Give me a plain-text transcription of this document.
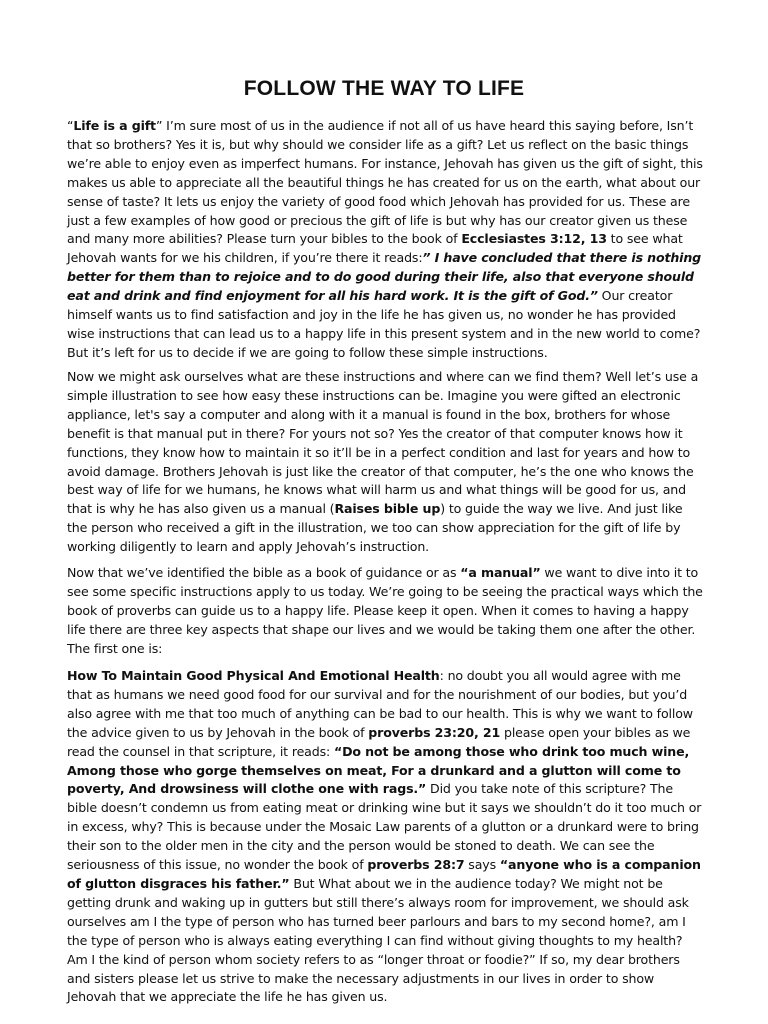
FOLLOW THE WAY TO LIFE

“Life is a gift” I’m sure most of us in the audience if not all of us have heard this saying before, Isn’t that so brothers? Yes it is, but why should we consider life as a gift? Let us reflect on the basic things we’re able to enjoy even as imperfect humans. For instance, Jehovah has given us the gift of sight, this makes us able to appreciate all the beautiful things he has created for us on the earth, what about our sense of taste? It lets us enjoy the variety of good food which Jehovah has provided for us. These are just a few examples of how good or precious the gift of life is but why has our creator given us these and many more abilities? Please turn your bibles to the book of Ecclesiastes 3:12, 13 to see what Jehovah wants for we his children, if you’re there it reads:” I have concluded that there is nothing better for them than to rejoice and to do good during their life, also that everyone should eat and drink and find enjoyment for all his hard work. It is the gift of God.” Our creator himself wants us to find satisfaction and joy in the life he has given us, no wonder he has provided wise instructions that can lead us to a happy life in this present system and in the new world to come? But it’s left for us to decide if we are going to follow these simple instructions.

Now we might ask ourselves what are these instructions and where can we find them? Well let’s use a simple illustration to see how easy these instructions can be. Imagine you were gifted an electronic appliance, let's say a computer and along with it a manual is found in the box, brothers for whose benefit is that manual put in there? For yours not so? Yes the creator of that computer knows how it functions, they know how to maintain it so it’ll be in a perfect condition and last for years and how to avoid damage. Brothers Jehovah is just like the creator of that computer, he’s the one who knows the best way of life for we humans, he knows what will harm us and what things will be good for us, and that is why he has also given us a manual (Raises bible up) to guide the way we live. And just like the person who received a gift in the illustration, we too can show appreciation for the gift of life by working diligently to learn and apply Jehovah’s instruction.

Now that we’ve identified the bible as a book of guidance or as “a manual” we want to dive into it to see some specific instructions apply to us today. We’re going to be seeing the practical ways which the book of proverbs can guide us to a happy life. Please keep it open. When it comes to having a happy life there are three key aspects that shape our lives and we would be taking them one after the other. The first one is:

How To Maintain Good Physical And Emotional Health: no doubt you all would agree with me that as humans we need good food for our survival and for the nourishment of our bodies, but you’d also agree with me that too much of anything can be bad to our health. This is why we want to follow the advice given to us by Jehovah in the book of proverbs 23:20, 21 please open your bibles as we read the counsel in that scripture, it reads: “Do not be among those who drink too much wine, Among those who gorge themselves on meat, For a drunkard and a glutton will come to poverty, And drowsiness will clothe one with rags.” Did you take note of this scripture? The bible doesn’t condemn us from eating meat or drinking wine but it says we shouldn’t do it too much or in excess, why? This is because under the Mosaic Law parents of a glutton or a drunkard were to bring their son to the older men in the city and the person would be stoned to death. We can see the seriousness of this issue, no wonder the book of proverbs 28:7 says “anyone who is a companion of glutton disgraces his father.” But What about we in the audience today? We might not be getting drunk and waking up in gutters but still there’s always room for improvement, we should ask ourselves am I the type of person who has turned beer parlours and bars to my second home?, am I the type of person who is always eating everything I can find without giving thoughts to my health? Am I the kind of person whom society refers to as “longer throat or foodie?” If so, my dear brothers and sisters please let us strive to make the necessary adjustments in our lives in order to show Jehovah that we appreciate the life he has given us.
